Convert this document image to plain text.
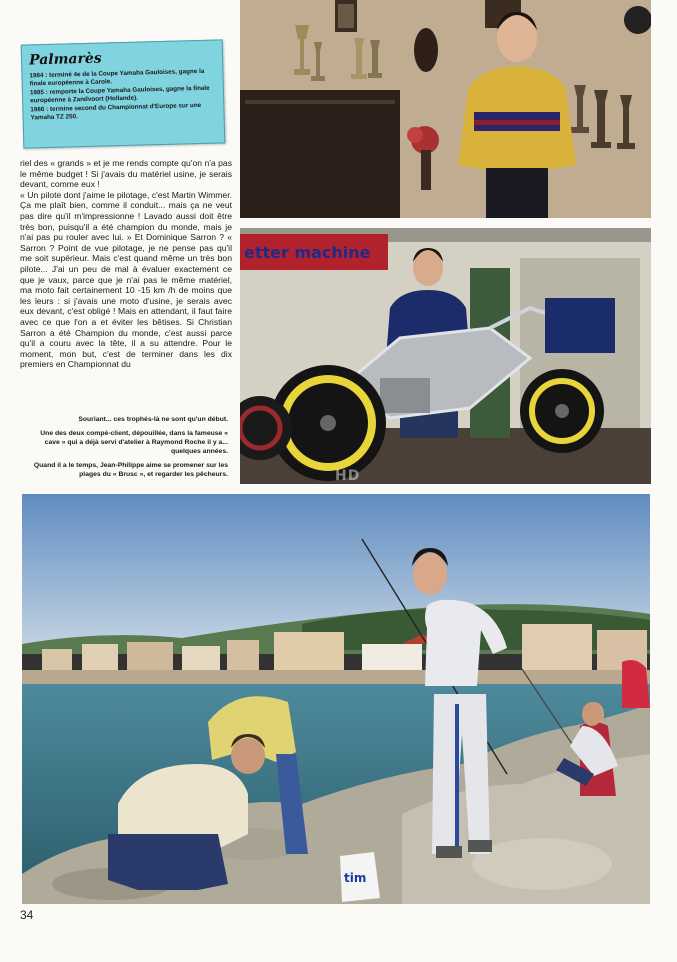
Palmarès
1984 : terminé 4e de la Coupe Yamaha Gauloises, gagne la finale européenne à Carole.
1985 : remporte la Coupe Yamaha Gauloises, gagne la finale européenne à Zandvoort (Hollande).
1986 : termine second du Championnat d'Europe sur une Yamaha TZ 250.

riel des « grands » et je me rends compte qu'on n'a pas le même budget ! Si j'avais du matériel usine, je serais devant, comme eux !

« Un pilote dont j'aime le pilotage, c'est Martin Wimmer. Ça me plaît bien, comme il conduit... mais ça ne veut pas dire qu'il m'impressionne ! Lavado aussi doit être très bon, puisqu'il a été champion du monde, mais je n'ai pas pu rouler avec lui. » Et Dominique Sarron ? « Sarron ? Point de vue pilotage, je ne pense pas qu'il me soit supérieur. Mais c'est quand même un très bon pilote... J'ai un peu de mal à évaluer exactement ce que je vaux, parce que je n'ai pas le même matériel, ma moto fait certainement 10 -15 km /h de moins que les leurs : si j'avais une moto d'usine, je serais avec eux devant, c'est obligé ! Mais en attendant, il faut faire avec ce que l'on a et éviter les bêtises. Si Christian Sarron a été Champion du monde, c'est aussi parce qu'il a couru avec la tête, il a su attendre. Pour le moment, mon but, c'est de terminer dans les dix premiers en Championnat du

Souriant... ces trophés-là ne sont qu'un début.

Une des deux compé-client, dépouillée, dans la fameuse « cave » qui a déjà servi d'atelier à Raymond Roche il y a... quelques années.

Quand il a le temps, Jean-Philippe aime se promener sur les plages du « Brusc », et regarder les pêcheurs.

etter machine
HD
tim
34
